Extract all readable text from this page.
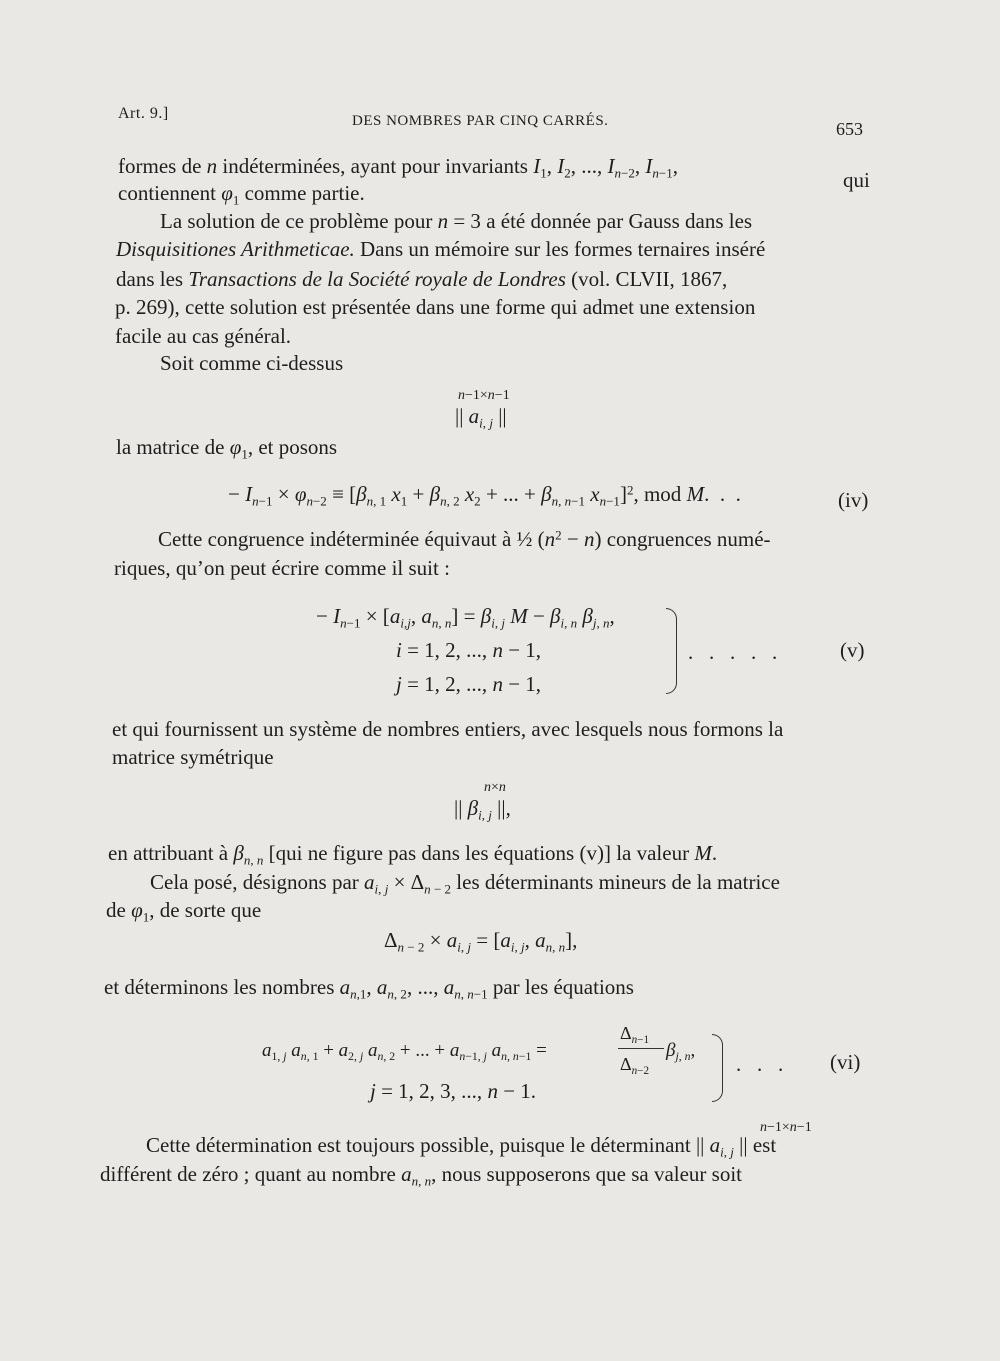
Art. 9.]	DES NOMBRES PAR CINQ CARRÉS.	653
formes de n indéterminées, ayant pour invariants $I_1$, $I_2$, ..., $I_{n-2}$, $I_{n-1}$,
qui
contiennent $\varphi_1$ comme partie.
La solution de ce problème pour n = 3 a été donnée par Gauss dans les
Disquisitiones Arithmeticae. Dans un mémoire sur les formes ternaires inséré
dans les Transactions de la Société royale de Londres (vol. CLVII, 1867,
p. 269), cette solution est présentée dans une forme qui admet une extension
facile au cas général.
Soit comme ci-dessus
n−1×n−1
|| $a_{i, j}$ ||
la matrice de $\varphi_1$, et posons
− $I_{n-1} \times \varphi_{n-2} \equiv [\beta_{n, 1}$ $x_1 + \beta_{n, 2}$ $x_2$ + ... + $\beta_{n, n-1}$ $x_{n-1}]^2$, mod M.  .  .	(iv)
Cette congruence indéterminée équivaut à ½ $(n^2 - n)$ congruences numé-
riques, qu’on peut écrire comme il suit :
− $I_{n-1} \times [a_{i,j}$, $a_{n, n}] = \beta_{i, j}$ $M - \beta_{i, n}$ $\beta_{j, n}$,
i = 1, 2, ..., n − 1,
j = 1, 2, ..., n − 1,
.   .   .   .   .	(v)
et qui fournissent un système de nombres entiers, avec lesquels nous formons la
matrice symétrique
n×n
|| $\beta_{i, j}$ ||,
en attribuant à $\beta_{n, n}$ [qui ne figure pas dans les équations (v)] la valeur M.
Cela posé, désignons par $a_{i, j} \times \Delta_{n - 2}$ les déterminants mineurs de la matrice
de $\varphi_1$, de sorte que
$\Delta_{n - 2} \times a_{i, j} = [a_{i, j}$, $a_{n, n}$],
et déterminons les nombres $a_{n,1}$, $a_{n, 2}$, ..., $a_{n, n-1}$ par les équations
$a_{1, j}$ $a_{n, 1} + a_{2, j}$ $a_{n, 2}$ + ... + $a_{n-1, j}$ $a_{n, n-1}$ =
$\Delta_{n-1}$
$\Delta_{n-2}$
$\beta_{j, n}$,
j = 1, 2, 3, ..., n − 1.
.   .   . (vi)
n−1×n−1
Cette détermination est toujours possible, puisque le déterminant || $a_{i, j}$ || est
différent de zéro ; quant au nombre $a_{n, n}$, nous supposerons que sa valeur soit
